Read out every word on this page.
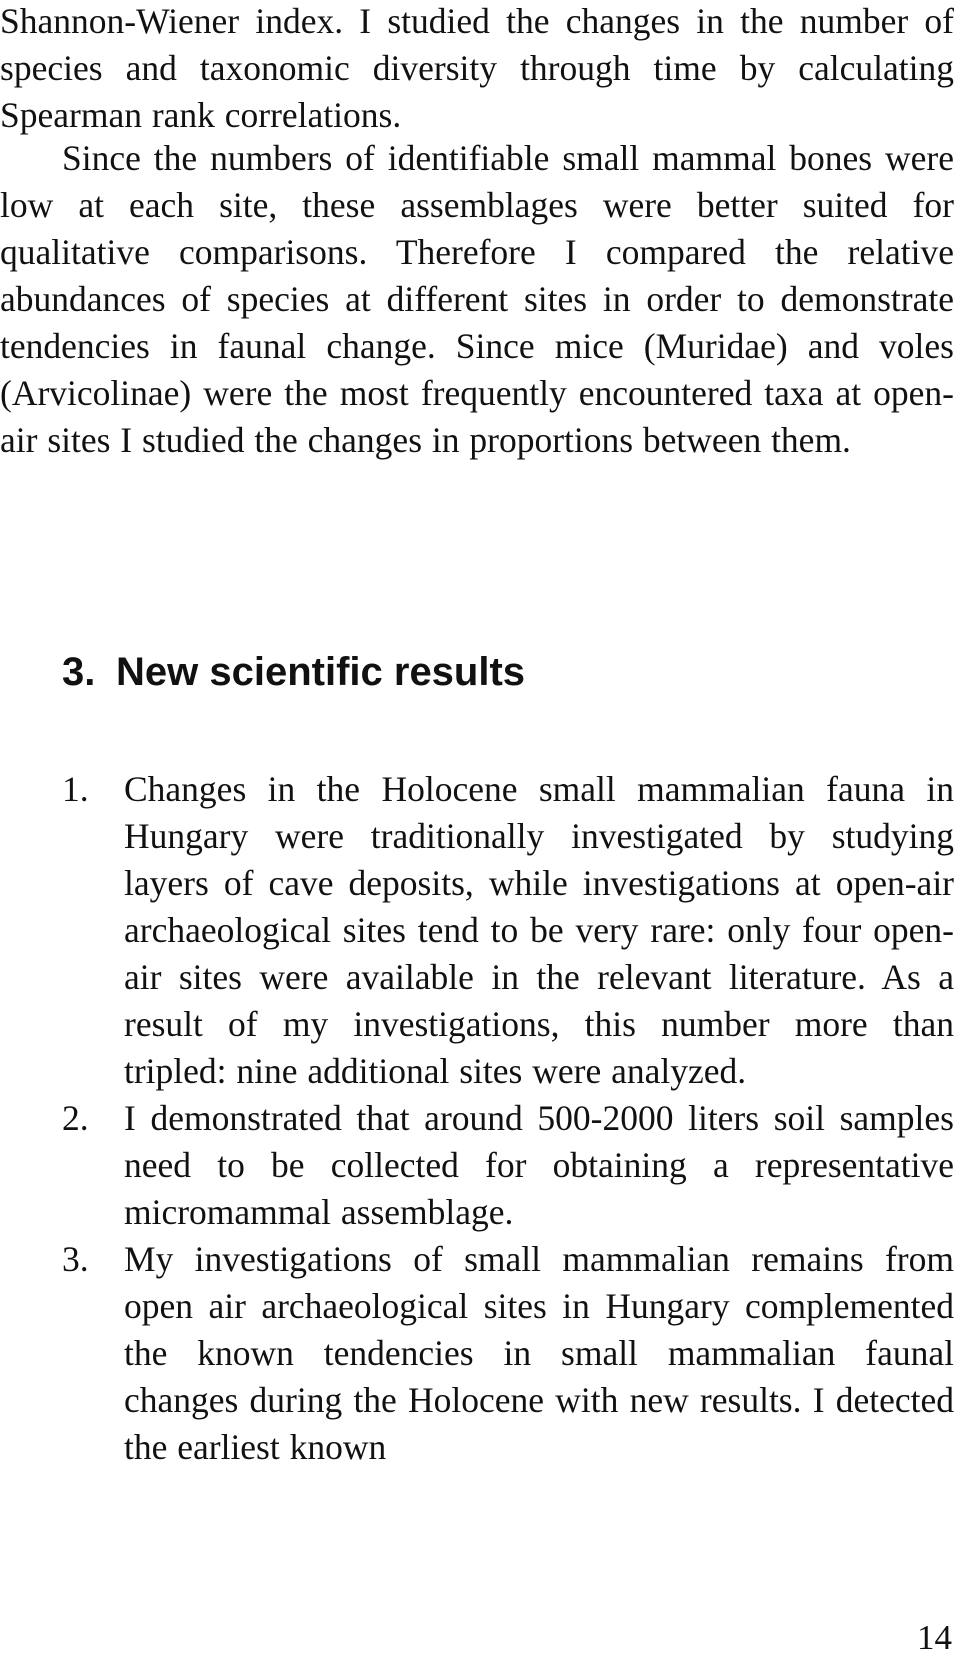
Shannon-Wiener index. I studied the changes in the number of species and taxonomic diversity through time by calculating Spearman rank correlations.

Since the numbers of identifiable small mammal bones were low at each site, these assemblages were better suited for qualitative comparisons. Therefore I compared the relative abundances of species at different sites in order to demonstrate tendencies in faunal change. Since mice (Muridae) and voles (Arvicolinae) were the most frequently encountered taxa at open-air sites I studied the changes in proportions between them.

3. New scientific results
1. Changes in the Holocene small mammalian fauna in Hungary were traditionally investigated by studying layers of cave deposits, while investigations at open-air archaeological sites tend to be very rare: only four open-air sites were available in the relevant literature. As a result of my investigations, this number more than tripled: nine additional sites were analyzed.
2. I demonstrated that around 500-2000 liters soil samples need to be collected for obtaining a representative micromammal assemblage.
3. My investigations of small mammalian remains from open air archaeological sites in Hungary complemented the known tendencies in small mammalian faunal changes during the Holocene with new results. I detected the earliest known
14
